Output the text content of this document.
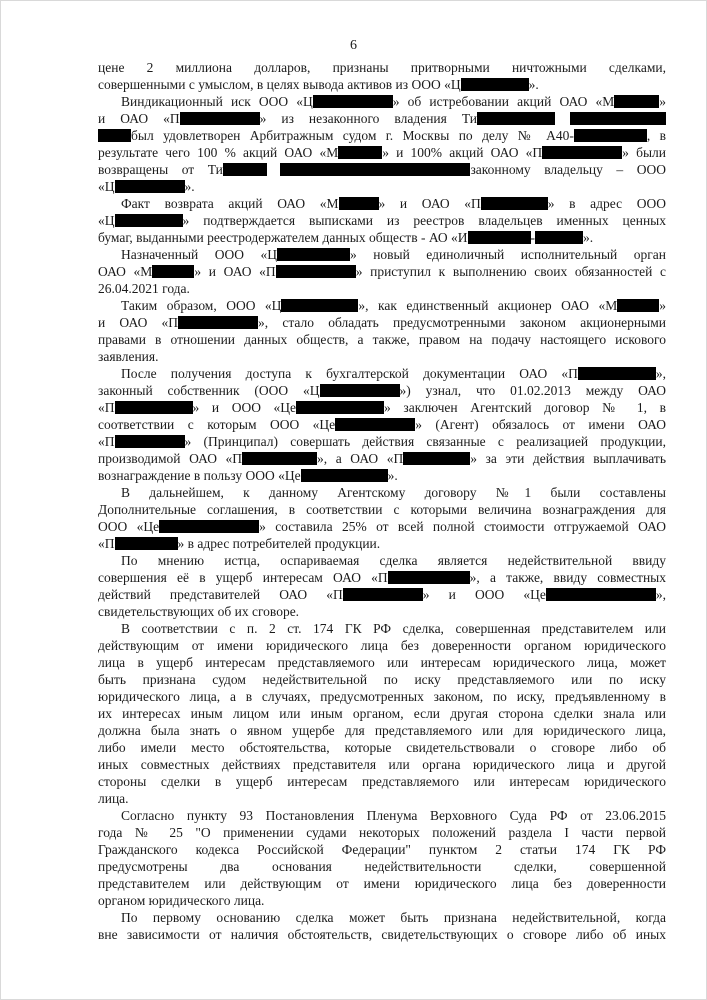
6
цене 2 миллиона долларов, признаны притворными ничтожными сделками,
совершенными с умыслом, в целях вывода активов из ООО «Ц	».
Виндикационный иск ООО «Ц	» об истребовании акций ОАО «М	»
и ОАО «П	» из незаконного владения Ти
был удовлетворен Арбитражным судом г. Москвы по делу № А40-	, в
результате чего 100 % акций ОАО «М	» и 100% акций ОАО «П	» были
возвращены от Ти	законному владельцу – ООО
«Ц	».
Факт возврата акций ОАО «М	» и ОАО «П	» в адрес ООО
«Ц	» подтверждается выписками из реестров владельцев именных ценных
бумаг, выданными реестродержателем данных обществ - АО «И	-	».
Назначенный ООО «Ц	» новый единоличный исполнительный орган
ОАО «М	» и ОАО «П	» приступил к выполнению своих обязанностей с
26.04.2021 года.
Таким образом, ООО «Ц	», как единственный акционер ОАО «М	»
и ОАО «П	», стало обладать предусмотренными законом акционерными
правами в отношении данных обществ, а также, правом на подачу настоящего искового
заявления.
После получения доступа к бухгалтерской документации ОАО «П	»,
законный собственник (ООО «Ц	») узнал, что 01.02.2013 между ОАО
«П	» и ООО «Це	» заключен Агентский договор № 1, в
соответствии с которым ООО «Це	» (Агент) обязалось от имени ОАО
«П	» (Принципал) совершать действия связанные с реализацией продукции,
производимой ОАО «П	», а ОАО «П	» за эти действия выплачивать
вознаграждение в пользу ООО «Це	».
В дальнейшем, к данному Агентскому договору №1 были составлены
Дополнительные соглашения, в соответствии с которыми величина вознаграждения для
ООО «Це	» составила 25% от всей полной стоимости отгружаемой ОАО
«П	» в адрес потребителей продукции.
По мнению истца, оспариваемая сделка является недействительной ввиду
совершения её в ущерб интересам ОАО «П	», а также, ввиду совместных
действий представителей ОАО «П	» и ООО «Це	»,
свидетельствующих об их сговоре.
В соответствии с п. 2 ст. 174 ГК РФ сделка, совершенная представителем или
действующим от имени юридического лица без доверенности органом юридического
лица в ущерб интересам представляемого или интересам юридического лица, может
быть признана судом недействительной по иску представляемого или по иску
юридического лица, а в случаях, предусмотренных законом, по иску, предъявленному в
их интересах иным лицом или иным органом, если другая сторона сделки знала или
должна была знать о явном ущербе для представляемого или для юридического лица,
либо имели место обстоятельства, которые свидетельствовали о сговоре либо об
иных совместных действиях представителя или органа юридического лица и другой
стороны сделки в ущерб интересам представляемого или интересам юридического
лица.
Согласно пункту 93 Постановления Пленума Верховного Суда РФ от 23.06.2015
года № 25 "О применении судами некоторых положений раздела I части первой
Гражданского кодекса Российской Федерации" пунктом 2 статьи 174 ГК РФ
предусмотрены два основания недействительности сделки, совершенной
представителем или действующим от имени юридического лица без доверенности
органом юридического лица.
По первому основанию сделка может быть признана недействительной, когда
вне зависимости от наличия обстоятельств, свидетельствующих о сговоре либо об иных
